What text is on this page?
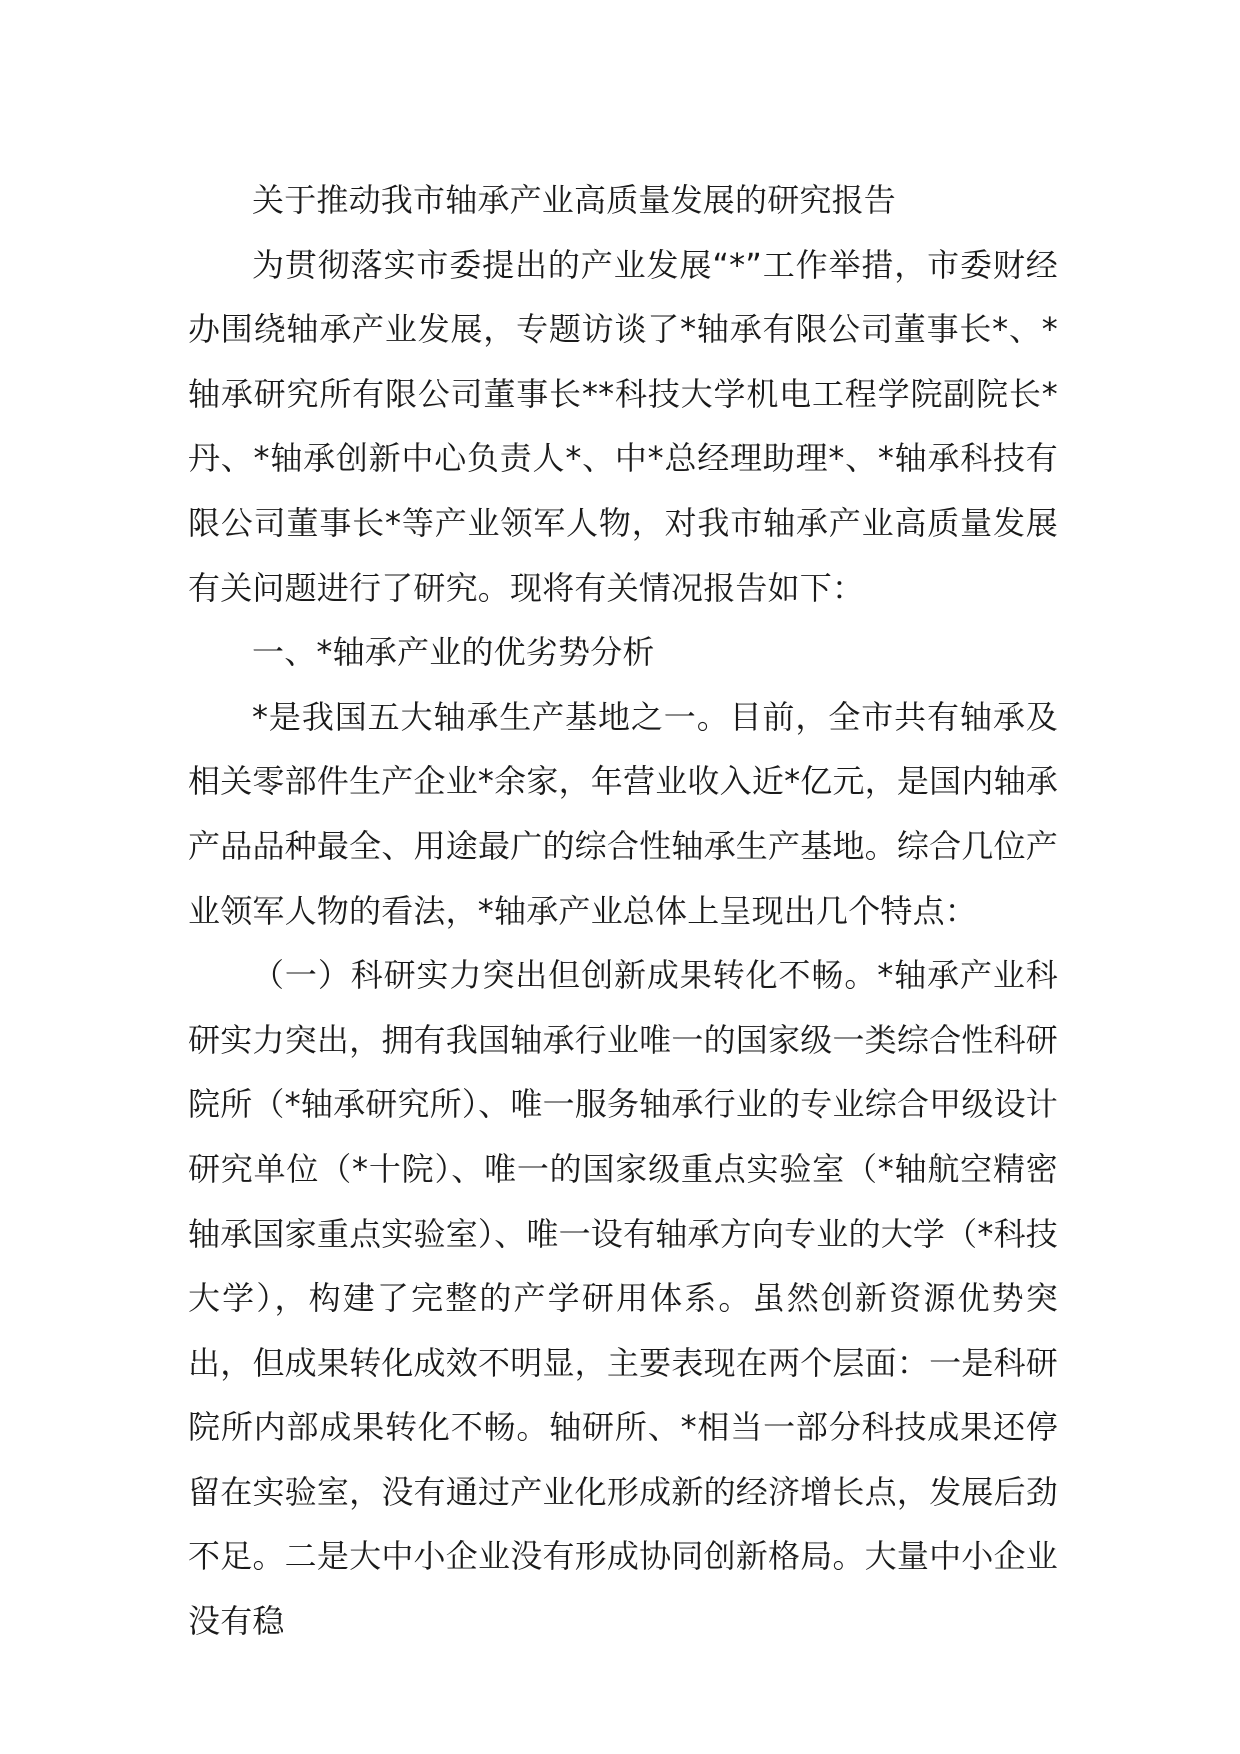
关于推动我市轴承产业高质量发展的研究报告

为贯彻落实市委提出的产业发展“*”工作举措，市委财经办围绕轴承产业发展，专题访谈了*轴承有限公司董事长*、*轴承研究所有限公司董事长**科技大学机电工程学院副院长*丹、*轴承创新中心负责人*、中*总经理助理*、*轴承科技有限公司董事长*等产业领军人物，对我市轴承产业高质量发展有关问题进行了研究。现将有关情况报告如下：

一、*轴承产业的优劣势分析

*是我国五大轴承生产基地之一。目前，全市共有轴承及相关零部件生产企业*余家，年营业收入近*亿元，是国内轴承产品品种最全、用途最广的综合性轴承生产基地。综合几位产业领军人物的看法，*轴承产业总体上呈现出几个特点：

（一）科研实力突出但创新成果转化不畅。*轴承产业科研实力突出，拥有我国轴承行业唯一的国家级一类综合性科研院所（*轴承研究所）、唯一服务轴承行业的专业综合甲级设计研究单位（*十院）、唯一的国家级重点实验室（*轴航空精密轴承国家重点实验室）、唯一设有轴承方向专业的大学（*科技大学），构建了完整的产学研用体系。虽然创新资源优势突出，但成果转化成效不明显，主要表现在两个层面：一是科研院所内部成果转化不畅。轴研所、*相当一部分科技成果还停留在实验室，没有通过产业化形成新的经济增长点，发展后劲不足。二是大中小企业没有形成协同创新格局。大量中小企业没有稳
